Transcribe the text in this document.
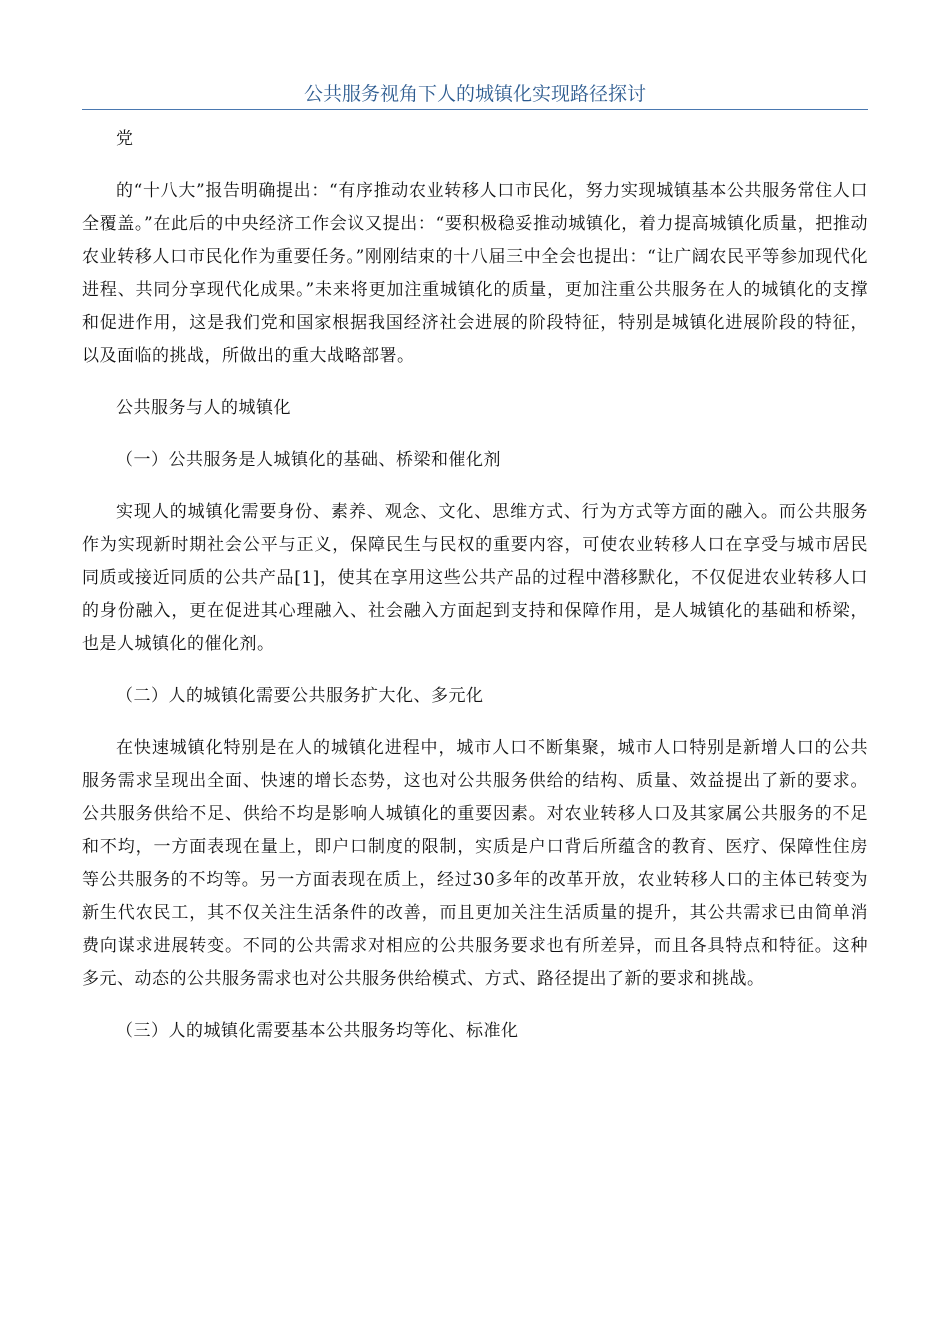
公共服务视角下人的城镇化实现路径探讨

党

的“十八大”报告明确提出：“有序推动农业转移人口市民化，努力实现城镇基本公共服务常住人口全覆盖。”在此后的中央经济工作会议又提出：“要积极稳妥推动城镇化，着力提高城镇化质量，把推动农业转移人口市民化作为重要任务。”刚刚结束的十八届三中全会也提出：“让广阔农民平等参加现代化进程、共同分享现代化成果。”未来将更加注重城镇化的质量，更加注重公共服务在人的城镇化的支撑和促进作用，这是我们党和国家根据我国经济社会进展的阶段特征，特别是城镇化进展阶段的特征，以及面临的挑战，所做出的重大战略部署。

公共服务与人的城镇化

（一）公共服务是人城镇化的基础、桥梁和催化剂

实现人的城镇化需要身份、素养、观念、文化、思维方式、行为方式等方面的融入。而公共服务作为实现新时期社会公平与正义，保障民生与民权的重要内容，可使农业转移人口在享受与城市居民同质或接近同质的公共产品[1]，使其在享用这些公共产品的过程中潜移默化，不仅促进农业转移人口的身份融入，更在促进其心理融入、社会融入方面起到支持和保障作用，是人城镇化的基础和桥梁，也是人城镇化的催化剂。

（二）人的城镇化需要公共服务扩大化、多元化

在快速城镇化特别是在人的城镇化进程中，城市人口不断集聚，城市人口特别是新增人口的公共服务需求呈现出全面、快速的增长态势，这也对公共服务供给的结构、质量、效益提出了新的要求。公共服务供给不足、供给不均是影响人城镇化的重要因素。对农业转移人口及其家属公共服务的不足和不均，一方面表现在量上，即户口制度的限制，实质是户口背后所蕴含的教育、医疗、保障性住房等公共服务的不均等。另一方面表现在质上，经过30多年的改革开放，农业转移人口的主体已转变为新生代农民工，其不仅关注生活条件的改善，而且更加关注生活质量的提升，其公共需求已由简单消费向谋求进展转变。不同的公共需求对相应的公共服务要求也有所差异，而且各具特点和特征。这种多元、动态的公共服务需求也对公共服务供给模式、方式、路径提出了新的要求和挑战。

（三）人的城镇化需要基本公共服务均等化、标准化
